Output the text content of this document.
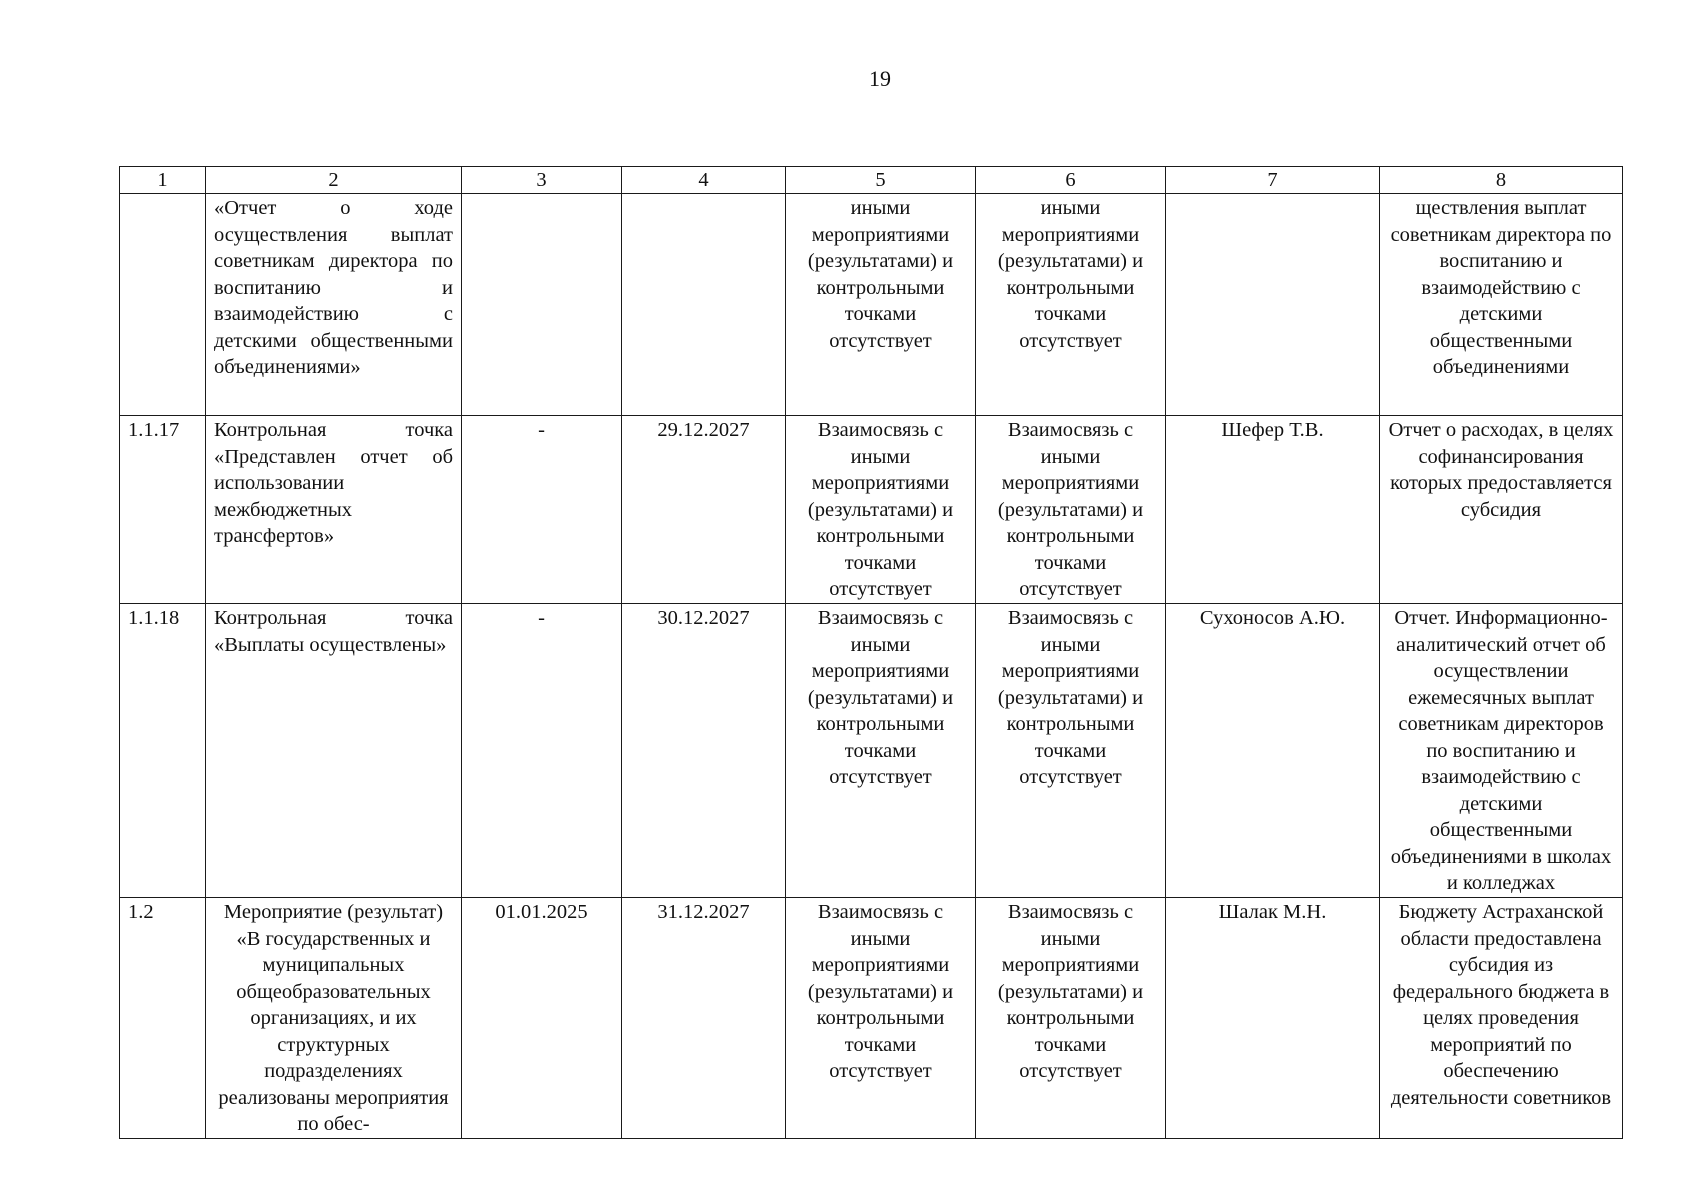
19
1	2	3	4	5	6	7	8
	«Отчет о ходе осуществления выплат советникам директора по воспитанию и взаимодействию с детскими общественными объединениями»			иными мероприятиями (результатами) и контрольными точками отсутствует	иными мероприятиями (результатами) и контрольными точками отсутствует		ществления выплат советникам директора по воспитанию и взаимодействию с детскими общественными объединениями
1.1.17	Контрольная точка «Представлен отчет об использовании межбюджетных трансфертов»	-	29.12.2027	Взаимосвязь с иными мероприятиями (результатами) и контрольными точками отсутствует	Взаимосвязь с иными мероприятиями (результатами) и контрольными точками отсутствует	Шефер Т.В.	Отчет о расходах, в целях софинансирования которых предоставляется субсидия
1.1.18	Контрольная точка «Выплаты осуществлены»	-	30.12.2027	Взаимосвязь с иными мероприятиями (результатами) и контрольными точками отсутствует	Взаимосвязь с иными мероприятиями (результатами) и контрольными точками отсутствует	Сухоносов А.Ю.	Отчет. Информационно-аналитический отчет об осуществлении ежемесячных выплат советникам директоров по воспитанию и взаимодействию с детскими общественными объединениями в школах и колледжах
1.2	Мероприятие (результат) «В государственных и муниципальных общеобразовательных организациях, и их структурных подразделениях реализованы мероприятия по обес-	01.01.2025	31.12.2027	Взаимосвязь с иными мероприятиями (результатами) и контрольными точками отсутствует	Взаимосвязь с иными мероприятиями (результатами) и контрольными точками отсутствует	Шалак М.Н.	Бюджету Астраханской области предоставлена субсидия из федерального бюджета в целях проведения мероприятий по обеспечению деятельности советников
